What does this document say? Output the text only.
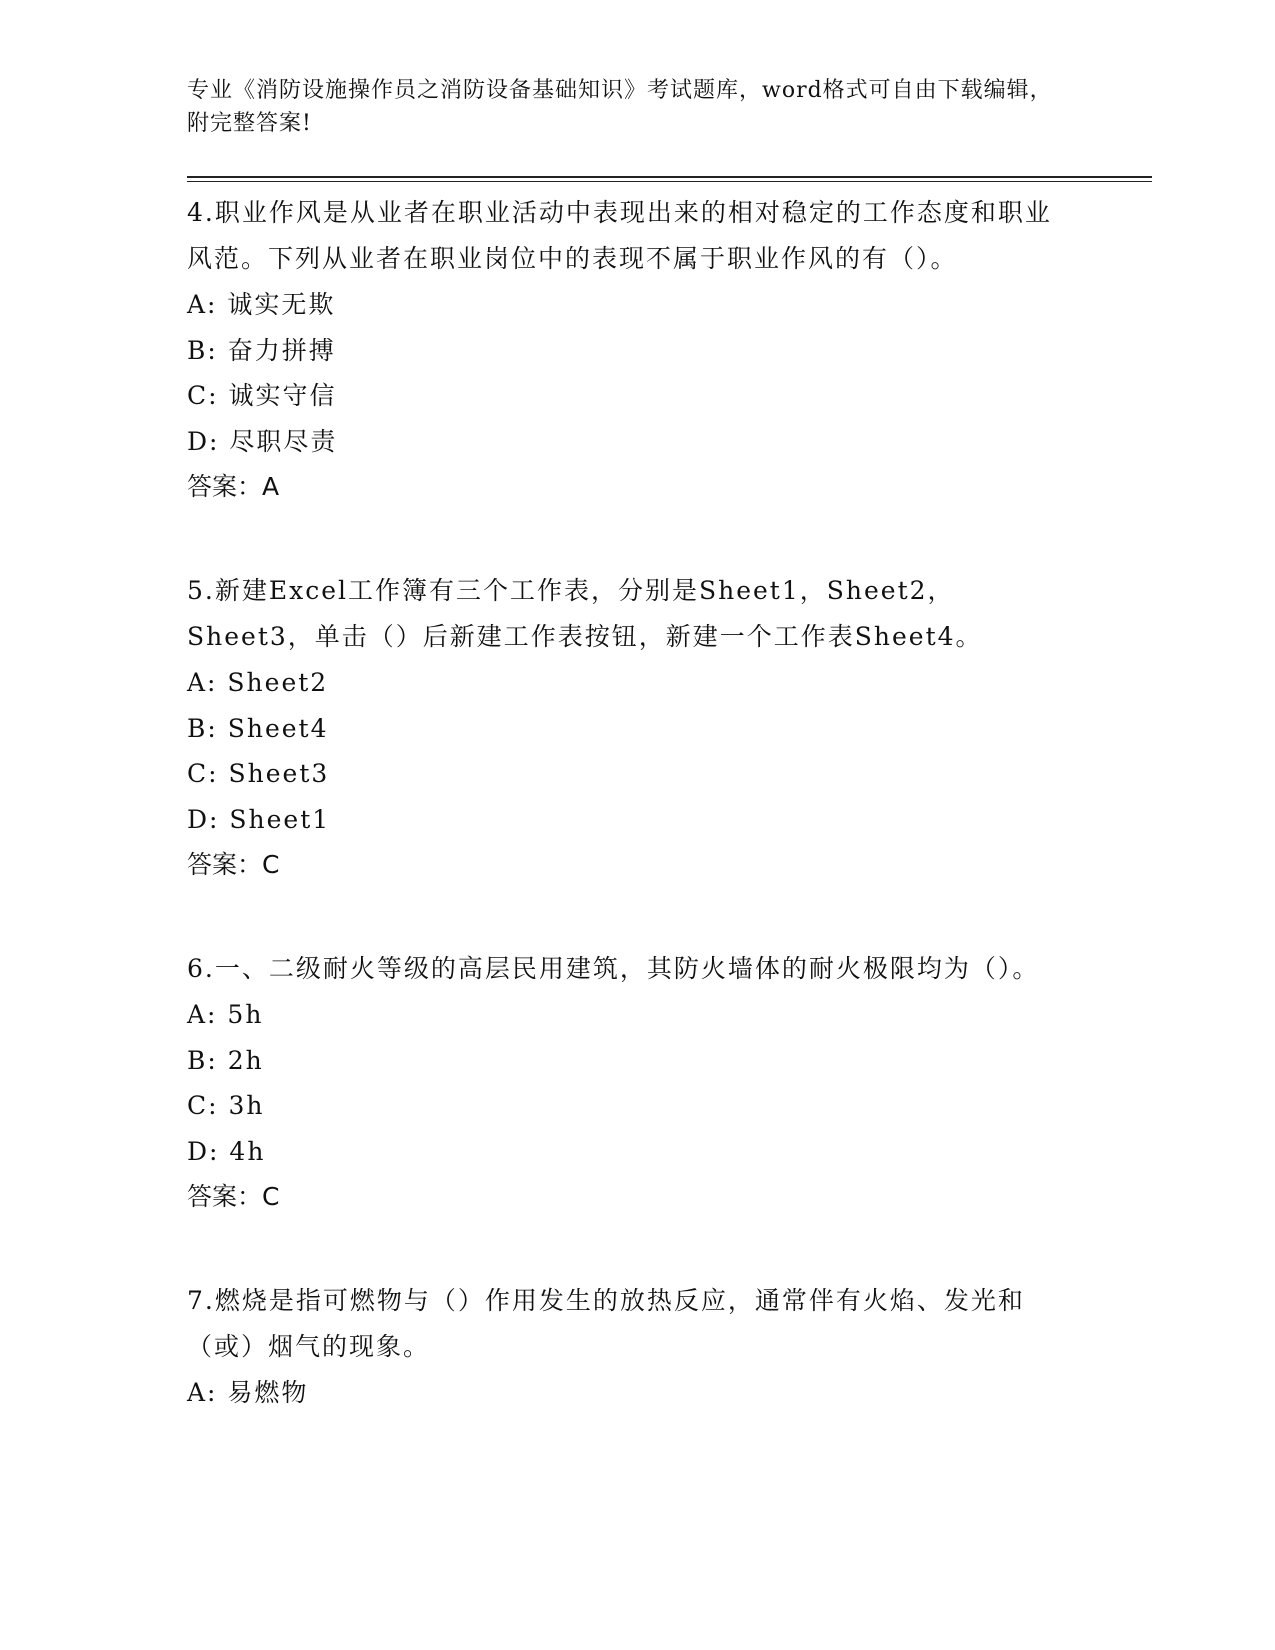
专业《消防设施操作员之消防设备基础知识》考试题库，word格式可自由下载编辑，附完整答案!

4.职业作风是从业者在职业活动中表现出来的相对稳定的工作态度和职业风范。下列从业者在职业岗位中的表现不属于职业作风的有（）。

A: 诚实无欺

B: 奋力拼搏

C: 诚实守信

D: 尽职尽责

答案：A

5.新建Excel工作簿有三个工作表，分别是Sheet1，Sheet2，Sheet3，单击（）后新建工作表按钮，新建一个工作表Sheet4。

A: Sheet2

B: Sheet4

C: Sheet3

D: Sheet1

答案：C

6.一、二级耐火等级的高层民用建筑，其防火墙体的耐火极限均为（）。

A: 5h

B: 2h

C: 3h

D: 4h

答案：C

7.燃烧是指可燃物与（）作用发生的放热反应，通常伴有火焰、发光和（或）烟气的现象。

A: 易燃物
